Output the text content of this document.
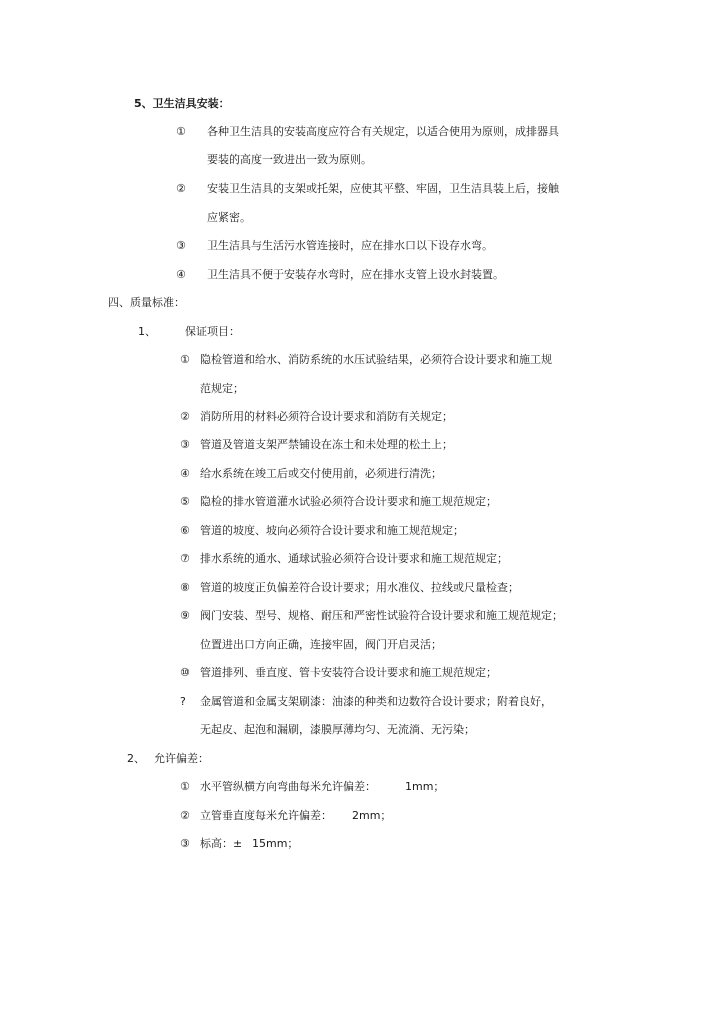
5、卫生洁具安装：
① 各种卫生洁具的安装高度应符合有关规定，以适合使用为原则，成排器具
要装的高度一致进出一致为原则。
② 安装卫生洁具的支架或托架，应使其平整、牢固，卫生洁具装上后，接触
应紧密。
③ 卫生洁具与生活污水管连接时，应在排水口以下设存水弯。
④ 卫生洁具不便于安装存水弯时，应在排水支管上设水封装置。
四、质量标准：
1、	保证项目：
① 隐检管道和给水、消防系统的水压试验结果，必须符合设计要求和施工规
范规定；
② 消防所用的材料必须符合设计要求和消防有关规定；
③ 管道及管道支架严禁铺设在冻土和未处理的松土上；
④ 给水系统在竣工后或交付使用前，必须进行清洗；
⑤ 隐检的排水管道灌水试验必须符合设计要求和施工规范规定；
⑥ 管道的坡度、坡向必须符合设计要求和施工规范规定；
⑦ 排水系统的通水、通球试验必须符合设计要求和施工规范规定；
⑧ 管道的坡度正负偏差符合设计要求；用水准仪、拉线或尺量检查；
⑨ 阀门安装、型号、规格、耐压和严密性试验符合设计要求和施工规范规定；
位置进出口方向正确，连接牢固，阀门开启灵活；
⑩ 管道排列、垂直度、管卡安装符合设计要求和施工规范规定；
? 金属管道和金属支架刷漆：油漆的种类和边数符合设计要求；附着良好，
无起皮、起泡和漏刷，漆膜厚薄均匀、无流淌、无污染；
2、 允许偏差：
① 水平管纵横方向弯曲每米允许偏差：	1mm；
② 立管垂直度每米允许偏差： 2mm；
③ 标高：± 15mm；
